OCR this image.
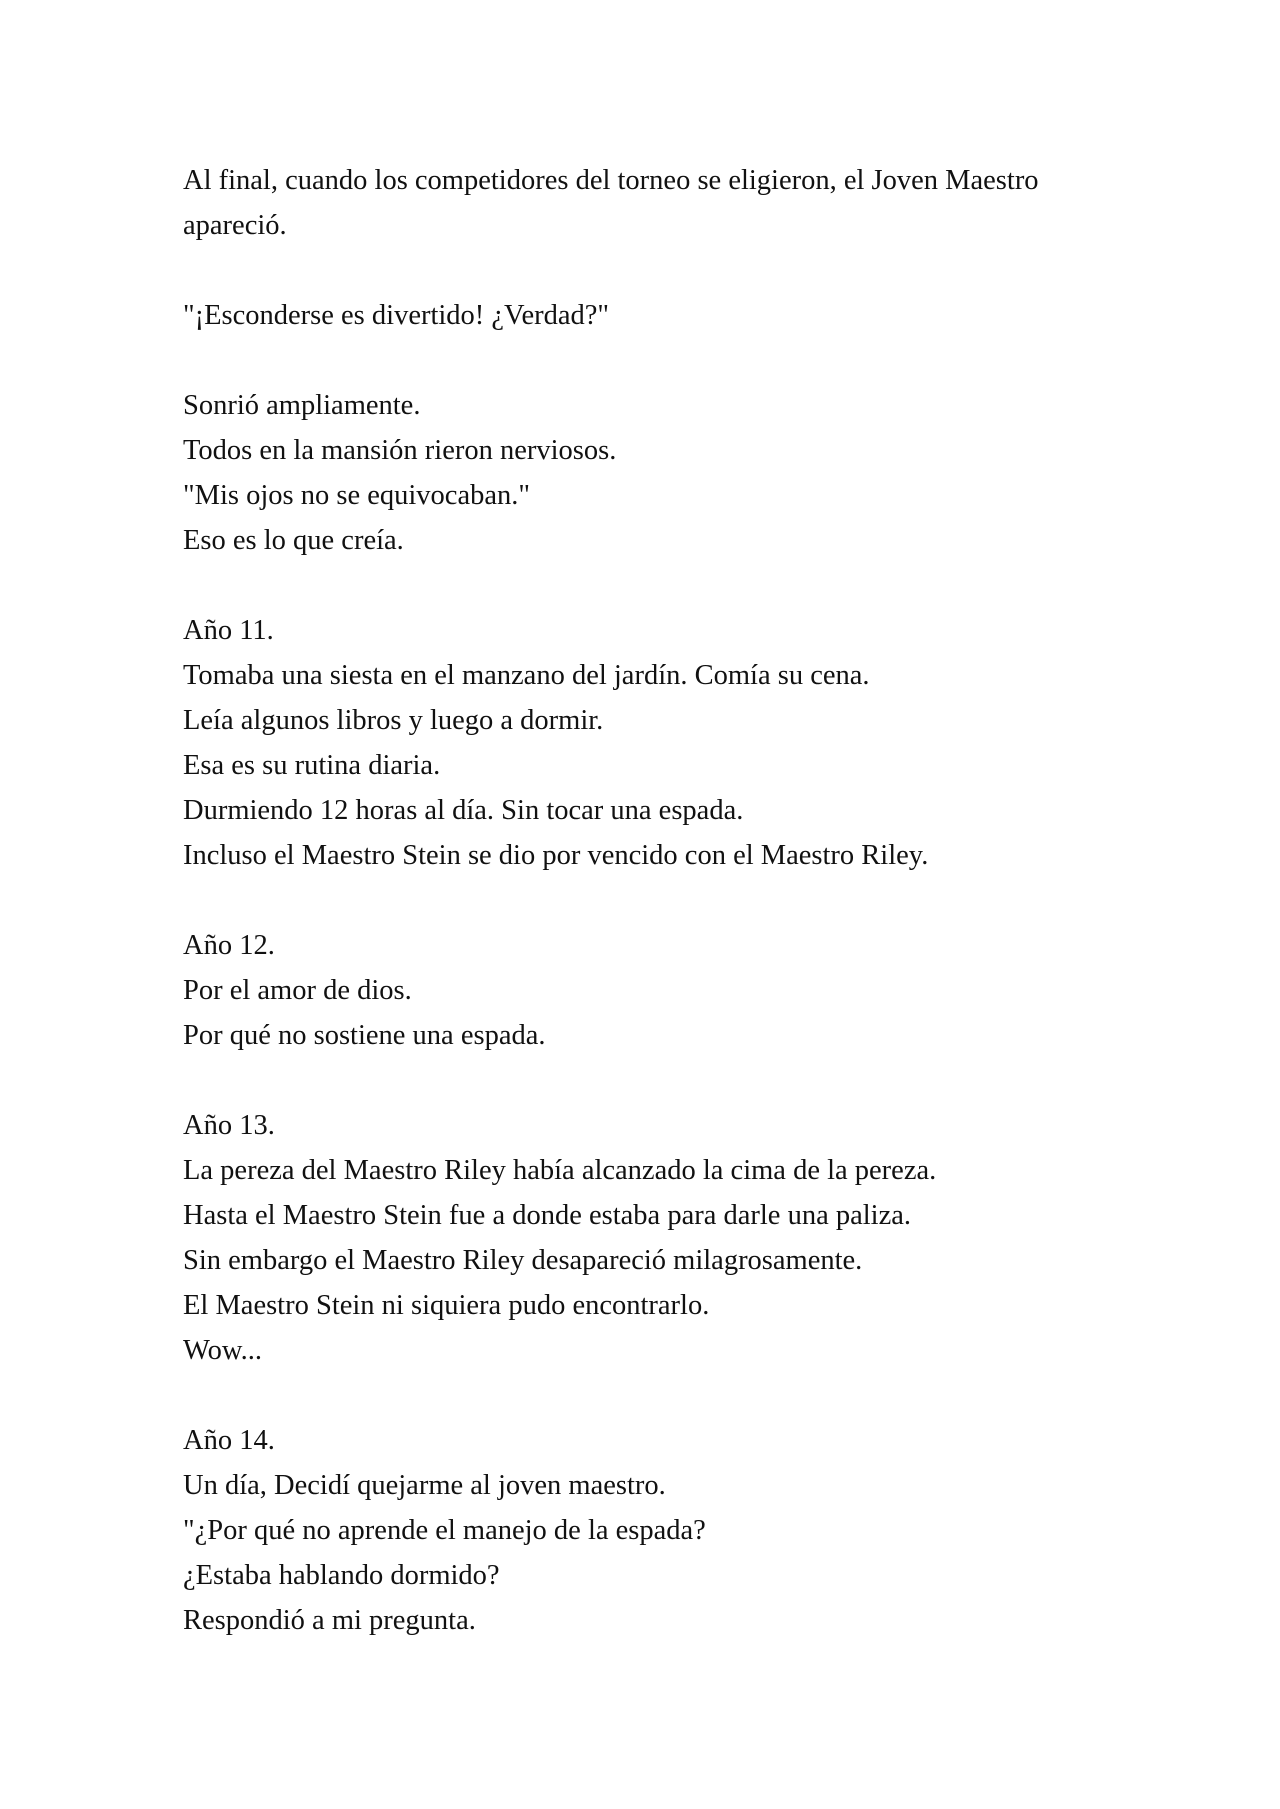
Al final, cuando los competidores del torneo se eligieron, el Joven Maestro
apareció.

"¡Esconderse es divertido! ¿Verdad?"

Sonrió ampliamente.
Todos en la mansión rieron nerviosos.
"Mis ojos no se equivocaban."
Eso es lo que creía.

Año 11.
Tomaba una siesta en el manzano del jardín. Comía su cena.
Leía algunos libros y luego a dormir.
Esa es su rutina diaria.
Durmiendo 12 horas al día. Sin tocar una espada.
Incluso el Maestro Stein se dio por vencido con el Maestro Riley.

Año 12.
Por el amor de dios.
Por qué no sostiene una espada.

Año 13.
La pereza del Maestro Riley había alcanzado la cima de la pereza.
Hasta el Maestro Stein fue a donde estaba para darle una paliza.
Sin embargo el Maestro Riley desapareció milagrosamente.
El Maestro Stein ni siquiera pudo encontrarlo.
Wow...

Año 14.
Un día, Decidí quejarme al joven maestro.
"¿Por qué no aprende el manejo de la espada?
¿Estaba hablando dormido?
Respondió a mi pregunta.
